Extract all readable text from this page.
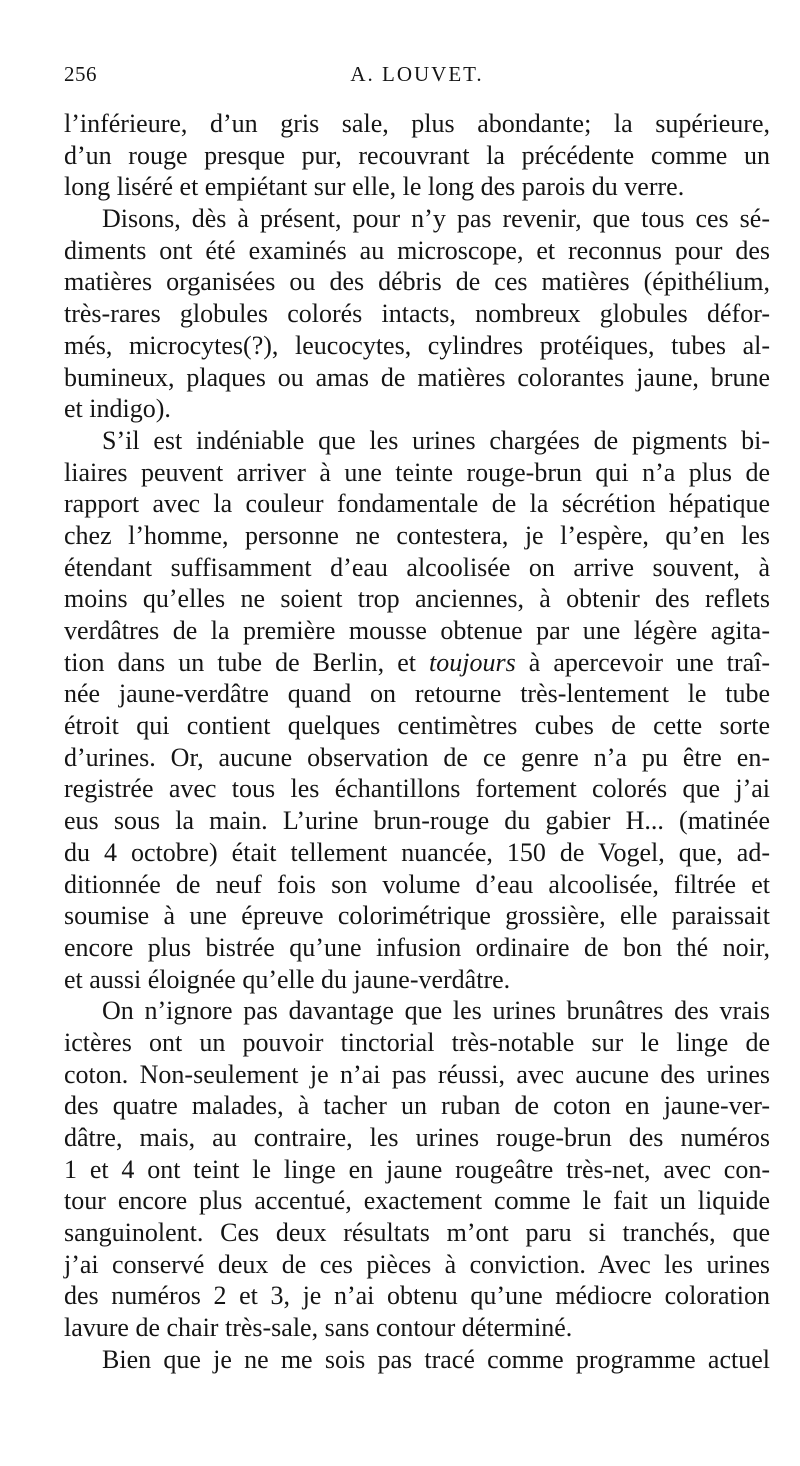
256	A. LOUVET.
l’inférieure, d’un gris sale, plus abondante; la supérieure,
d’un rouge presque pur, recouvrant la précédente comme un
long liséré et empiétant sur elle, le long des parois du verre.
Disons, dès à présent, pour n’y pas revenir, que tous ces sé-
diments ont été examinés au microscope, et reconnus pour des
matières organisées ou des débris de ces matières (épithélium,
très-rares globules colorés intacts, nombreux globules défor-
més, microcytes(?), leucocytes, cylindres protéiques, tubes al-
bumineux, plaques ou amas de matières colorantes jaune, brune
et indigo).
S’il est indéniable que les urines chargées de pigments bi-
liaires peuvent arriver à une teinte rouge-brun qui n’a plus de
rapport avec la couleur fondamentale de la sécrétion hépatique
chez l’homme, personne ne contestera, je l’espère, qu’en les
étendant suffisamment d’eau alcoolisée on arrive souvent, à
moins qu’elles ne soient trop anciennes, à obtenir des reflets
verdâtres de la première mousse obtenue par une légère agita-
tion dans un tube de Berlin, et toujours à apercevoir une traî-
née jaune-verdâtre quand on retourne très-lentement le tube
étroit qui contient quelques centimètres cubes de cette sorte
d’urines. Or, aucune observation de ce genre n’a pu être en-
registrée avec tous les échantillons fortement colorés que j’ai
eus sous la main. L’urine brun-rouge du gabier H... (matinée
du 4 octobre) était tellement nuancée, 150 de Vogel, que, ad-
ditionnée de neuf fois son volume d’eau alcoolisée, filtrée et
soumise à une épreuve colorimétrique grossière, elle paraissait
encore plus bistrée qu’une infusion ordinaire de bon thé noir,
et aussi éloignée qu’elle du jaune-verdâtre.
On n’ignore pas davantage que les urines brunâtres des vrais
ictères ont un pouvoir tinctorial très-notable sur le linge de
coton. Non-seulement je n’ai pas réussi, avec aucune des urines
des quatre malades, à tacher un ruban de coton en jaune-ver-
dâtre, mais, au contraire, les urines rouge-brun des numéros
1 et 4 ont teint le linge en jaune rougeâtre très-net, avec con-
tour encore plus accentué, exactement comme le fait un liquide
sanguinolent. Ces deux résultats m’ont paru si tranchés, que
j’ai conservé deux de ces pièces à conviction. Avec les urines
des numéros 2 et 3, je n’ai obtenu qu’une médiocre coloration
lavure de chair très-sale, sans contour déterminé.
Bien que je ne me sois pas tracé comme programme actuel
